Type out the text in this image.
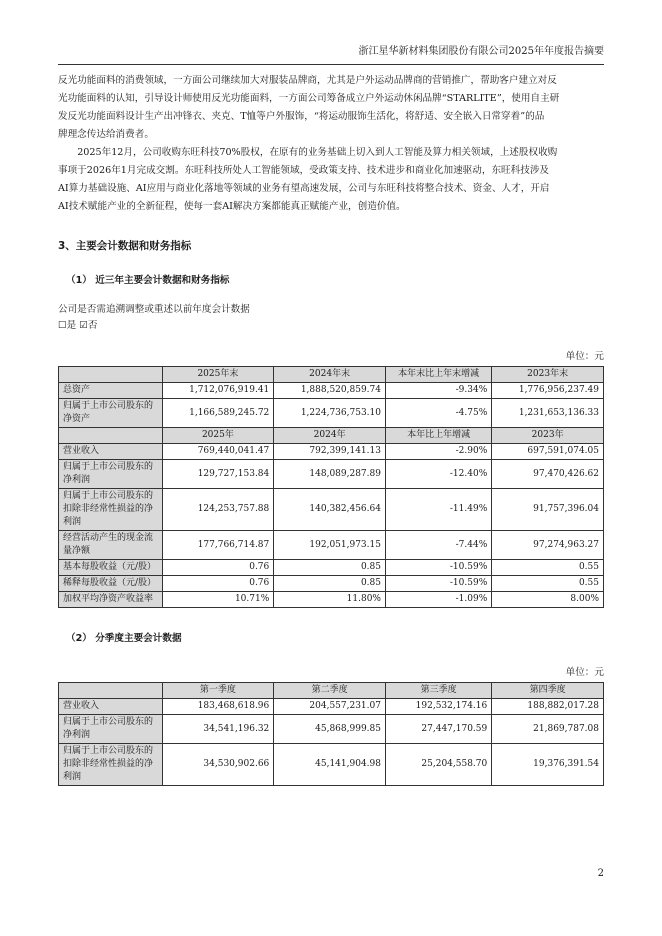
浙江星华新材料集团股份有限公司2025年年度报告摘要

反光功能面料的消费领域，一方面公司继续加大对服装品牌商，尤其是户外运动品牌商的营销推广，帮助客户建立对反

光功能面料的认知，引导设计师使用反光功能面料，一方面公司筹备成立户外运动休闲品牌“STARLITE”，使用自主研

发反光功能面料设计生产出冲锋衣、夹克、T恤等户外服饰，“将运动服饰生活化，将舒适、安全嵌入日常穿着”的品

牌理念传达给消费者。

2025年12月，公司收购东旺科技70%股权，在原有的业务基础上切入到人工智能及算力相关领域，上述股权收购

事项于2026年1月完成交割。东旺科技所处人工智能领域，受政策支持、技术进步和商业化加速驱动，东旺科技涉及

AI算力基础设施、AI应用与商业化落地等领域的业务有望高速发展，公司与东旺科技将整合技术、资金、人才，开启

AI技术赋能产业的全新征程，使每一套AI解决方案都能真正赋能产业，创造价值。

3、主要会计数据和财务指标

（1） 近三年主要会计数据和财务指标

公司是否需追溯调整或重述以前年度会计数据

☐是 ☑否

单位：元

	2025年末	2024年末	本年末比上年末增减	2023年末
总资产	1,712,076,919.41	1,888,520,859.74	-9.34%	1,776,956,237.49
归属于上市公司股东的净资产	1,166,589,245.72	1,224,736,753.10	-4.75%	1,231,653,136.33
	2025年	2024年	本年比上年增减	2023年
营业收入	769,440,041.47	792,399,141.13	-2.90%	697,591,074.05
归属于上市公司股东的净利润	129,727,153.84	148,089,287.89	-12.40%	97,470,426.62
归属于上市公司股东的扣除非经常性损益的净利润	124,253,757.88	140,382,456.64	-11.49%	91,757,396.04
经营活动产生的现金流量净额	177,766,714.87	192,051,973.15	-7.44%	97,274,963.27
基本每股收益（元/股）	0.76	0.85	-10.59%	0.55
稀释每股收益（元/股）	0.76	0.85	-10.59%	0.55
加权平均净资产收益率	10.71%	11.80%	-1.09%	8.00%

（2） 分季度主要会计数据

单位：元

	第一季度	第二季度	第三季度	第四季度
营业收入	183,468,618.96	204,557,231.07	192,532,174.16	188,882,017.28
归属于上市公司股东的净利润	34,541,196.32	45,868,999.85	27,447,170.59	21,869,787.08
归属于上市公司股东的扣除非经常性损益的净利润	34,530,902.66	45,141,904.98	25,204,558.70	19,376,391.54
2
